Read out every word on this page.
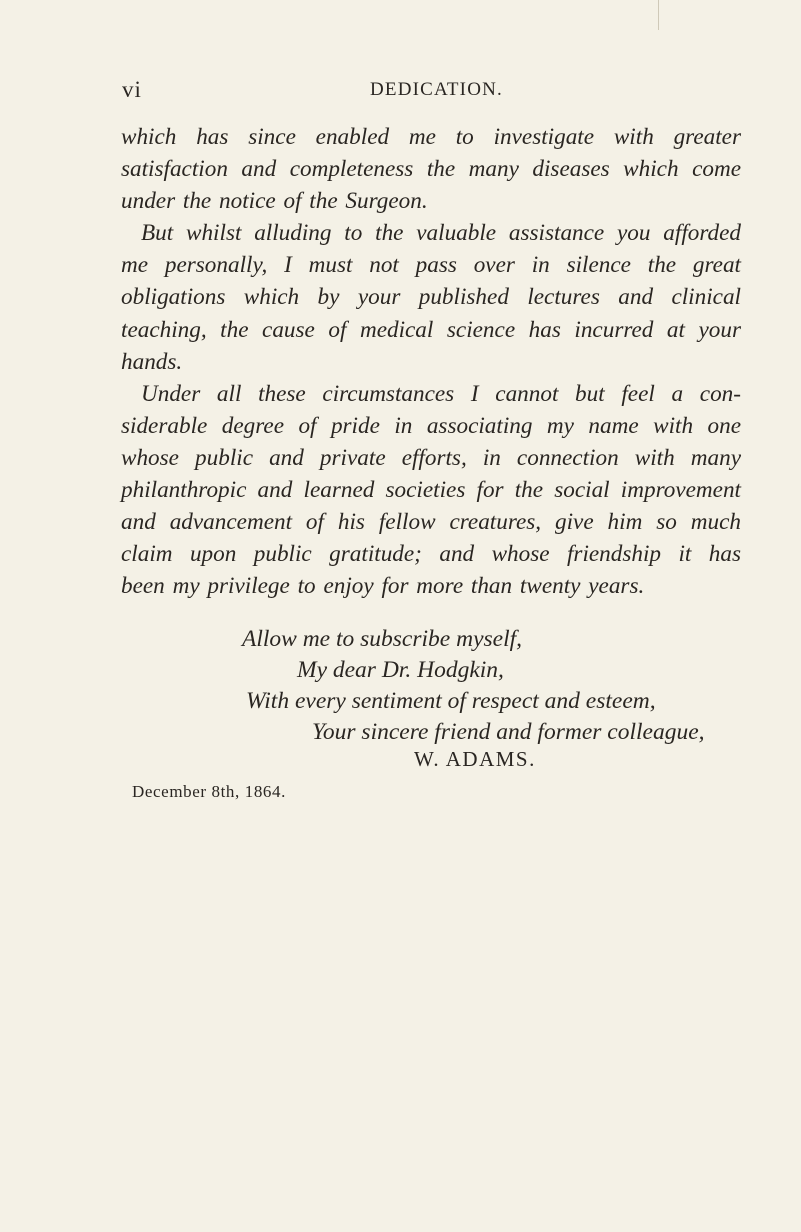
vi	DEDICATION.
which has since enabled me to investigate with greater
satisfaction and completeness the many diseases which come
under the notice of the Surgeon.
But whilst alluding to the valuable assistance you afforded
me personally, I must not pass over in silence the great
obligations which by your published lectures and clinical
teaching, the cause of medical science has incurred at your
hands.
Under all these circumstances I cannot but feel a con-
siderable degree of pride in associating my name with one
whose public and private efforts, in connection with many
philanthropic and learned societies for the social improvement
and advancement of his fellow creatures, give him so much
claim upon public gratitude; and whose friendship it has
been my privilege to enjoy for more than twenty years.
Allow me to subscribe myself,
My dear Dr. Hodgkin,
With every sentiment of respect and esteem,
Your sincere friend and former colleague,
W. ADAMS.
December 8th, 1864.
